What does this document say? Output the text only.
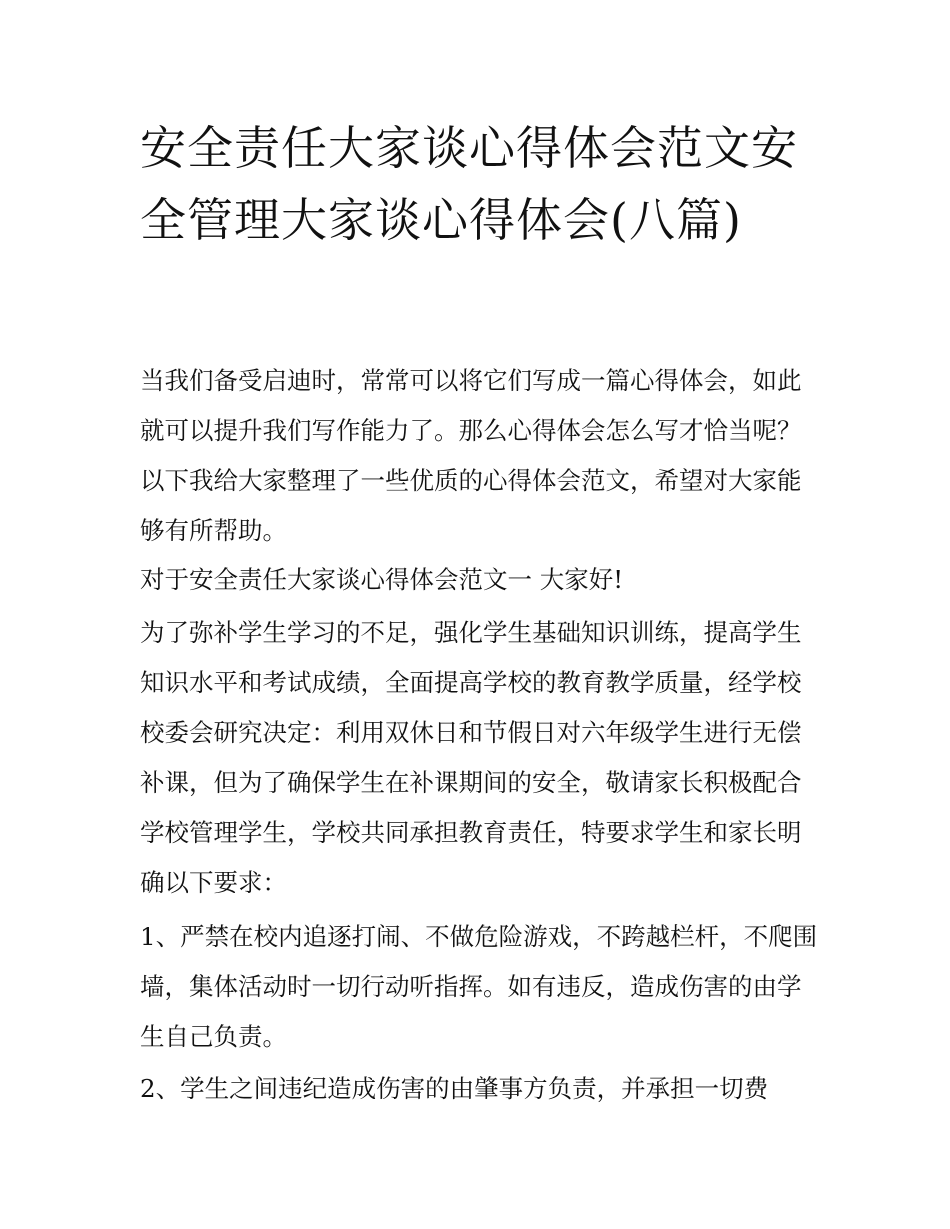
安全责任大家谈心得体会范文安全管理大家谈心得体会(八篇)

当我们备受启迪时，常常可以将它们写成一篇心得体会，如此就可以提升我们写作能力了。那么心得体会怎么写才恰当呢？以下我给大家整理了一些优质的心得体会范文，希望对大家能够有所帮助。

对于安全责任大家谈心得体会范文一 大家好!

为了弥补学生学习的不足，强化学生基础知识训练，提高学生知识水平和考试成绩，全面提高学校的教育教学质量，经学校校委会研究决定：利用双休日和节假日对六年级学生进行无偿补课，但为了确保学生在补课期间的安全，敬请家长积极配合学校管理学生，学校共同承担教育责任，特要求学生和家长明确以下要求：

1、严禁在校内追逐打闹、不做危险游戏，不跨越栏杆，不爬围墙，集体活动时一切行动听指挥。如有违反，造成伤害的由学生自己负责。

2、学生之间违纪造成伤害的由肇事方负责，并承担一切费
